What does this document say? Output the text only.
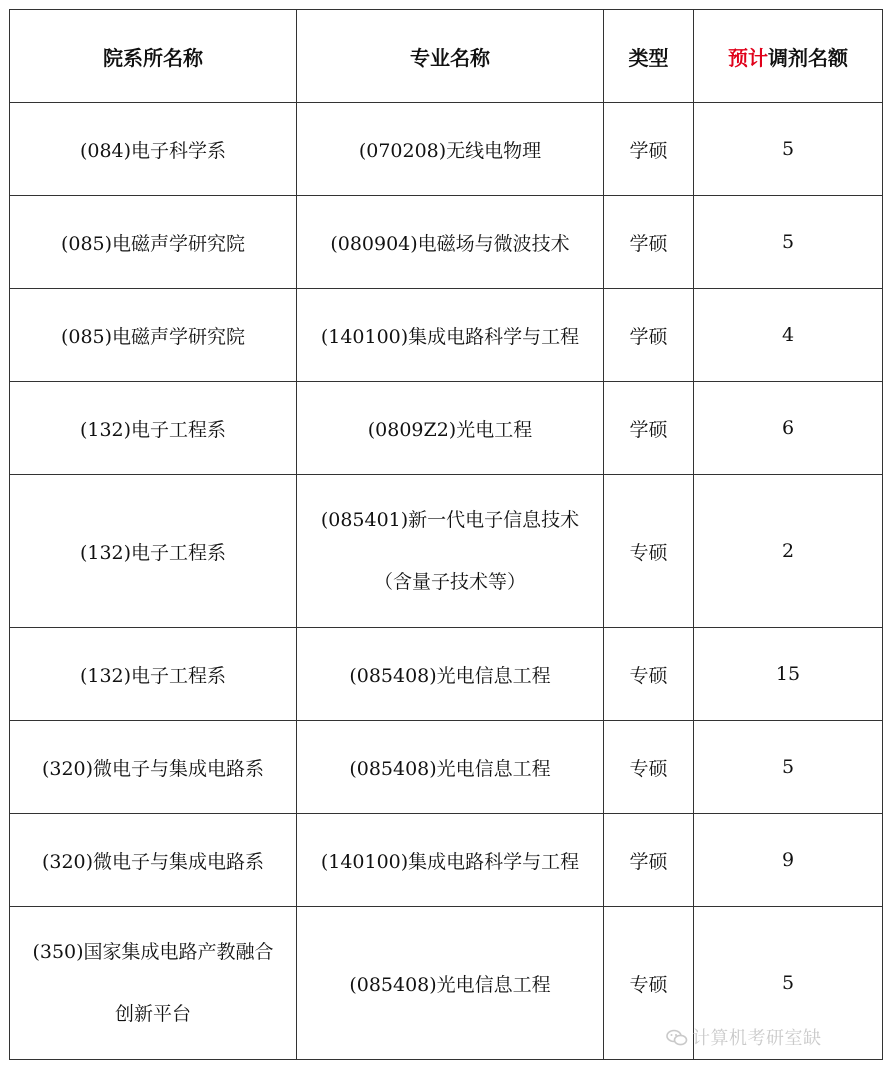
院系所名称	专业名称	类型	预计调剂名额
(084)电子科学系	(070208)无线电物理	学硕	5
(085)电磁声学研究院	(080904)电磁场与微波技术	学硕	5
(085)电磁声学研究院	(140100)集成电路科学与工程	学硕	4
(132)电子工程系	(0809Z2)光电工程	学硕	6
(132)电子工程系	(085401)新一代电子信息技术
（含量子技术等）	专硕	2
(132)电子工程系	(085408)光电信息工程	专硕	15
(320)微电子与集成电路系	(085408)光电信息工程	专硕	5
(320)微电子与集成电路系	(140100)集成电路科学与工程	学硕	9

(350)国家集成电路产教融合
创新平台	(085408)光电信息工程	专硕	5
计算机考研室缺
